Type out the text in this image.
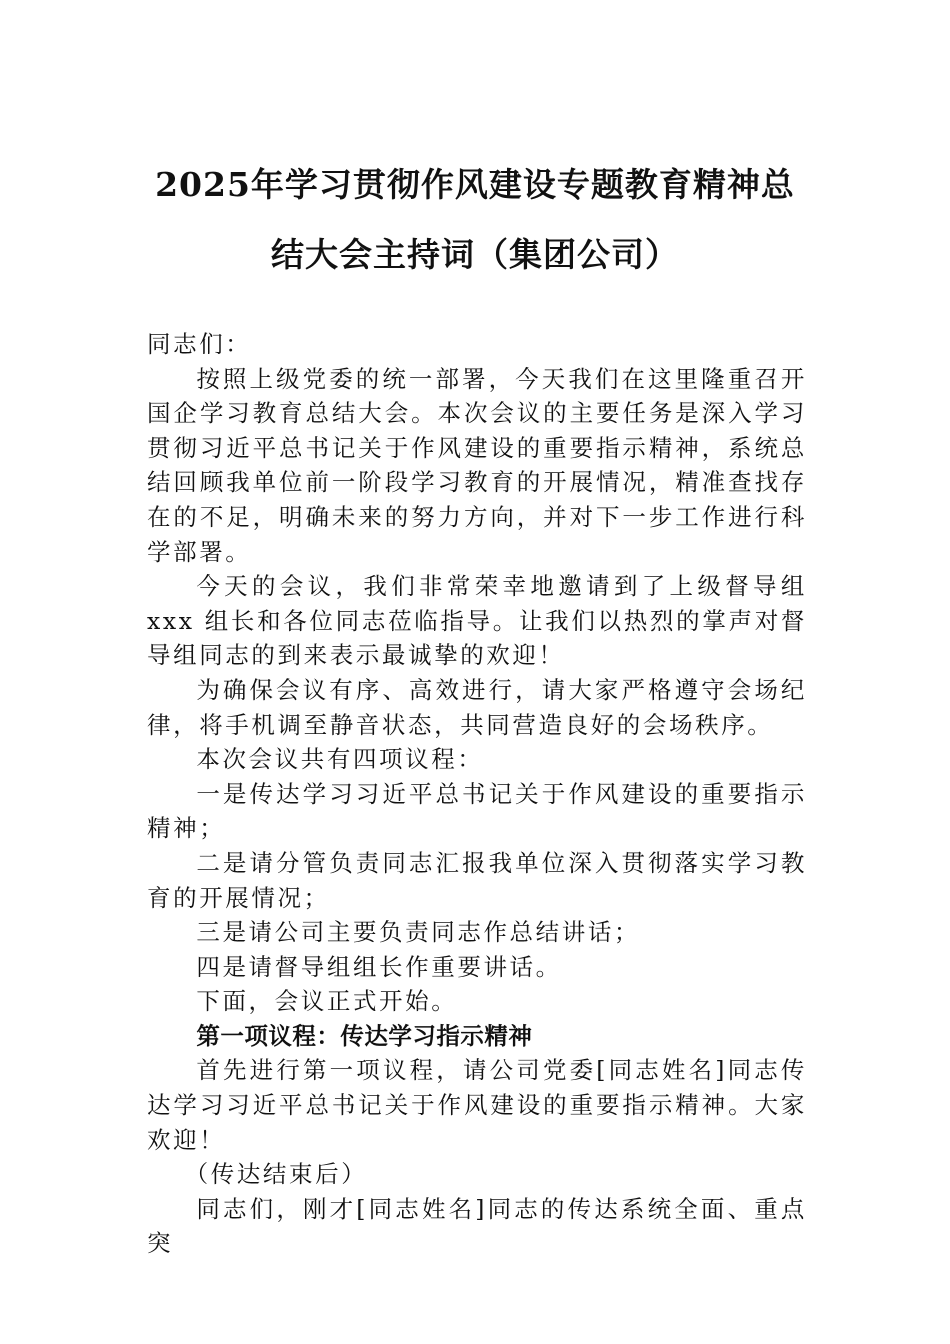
2025年学习贯彻作风建设专题教育精神总
结大会主持词（集团公司）

同志们：

按照上级党委的统一部署，今天我们在这里隆重召开国企学习教育总结大会。本次会议的主要任务是深入学习贯彻习近平总书记关于作风建设的重要指示精神，系统总结回顾我单位前一阶段学习教育的开展情况，精准查找存在的不足，明确未来的努力方向，并对下一步工作进行科学部署。

今天的会议，我们非常荣幸地邀请到了上级督导组 xxx 组长和各位同志莅临指导。让我们以热烈的掌声对督导组同志的到来表示最诚挚的欢迎！

为确保会议有序、高效进行，请大家严格遵守会场纪律，将手机调至静音状态，共同营造良好的会场秩序。

本次会议共有四项议程：

一是传达学习习近平总书记关于作风建设的重要指示精神；

二是请分管负责同志汇报我单位深入贯彻落实学习教育的开展情况；

三是请公司主要负责同志作总结讲话；

四是请督导组组长作重要讲话。

下面，会议正式开始。

第一项议程：传达学习指示精神

首先进行第一项议程，请公司党委[同志姓名]同志传达学习习近平总书记关于作风建设的重要指示精神。大家欢迎！

（传达结束后）

同志们，刚才[同志姓名]同志的传达系统全面、重点突
